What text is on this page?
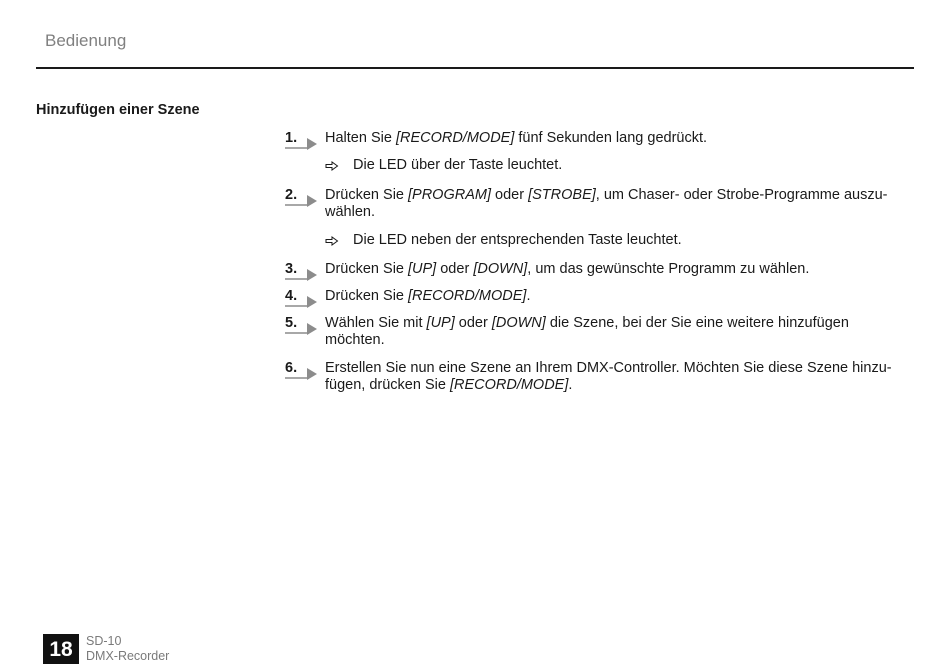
Bedienung
Hinzufügen einer Szene
1. Halten Sie [RECORD/MODE] fünf Sekunden lang gedrückt.
Die LED über der Taste leuchtet.
2. Drücken Sie [PROGRAM] oder [STROBE], um Chaser- oder Strobe-Programme auszu-
wählen.
Die LED neben der entsprechenden Taste leuchtet.
3. Drücken Sie [UP] oder [DOWN], um das gewünschte Programm zu wählen.
4. Drücken Sie [RECORD/MODE].
5. Wählen Sie mit [UP] oder [DOWN] die Szene, bei der Sie eine weitere hinzufügen
möchten.
6. Erstellen Sie nun eine Szene an Ihrem DMX-Controller. Möchten Sie diese Szene hinzu-
fügen, drücken Sie [RECORD/MODE].
18	SD-10
DMX-Recorder
